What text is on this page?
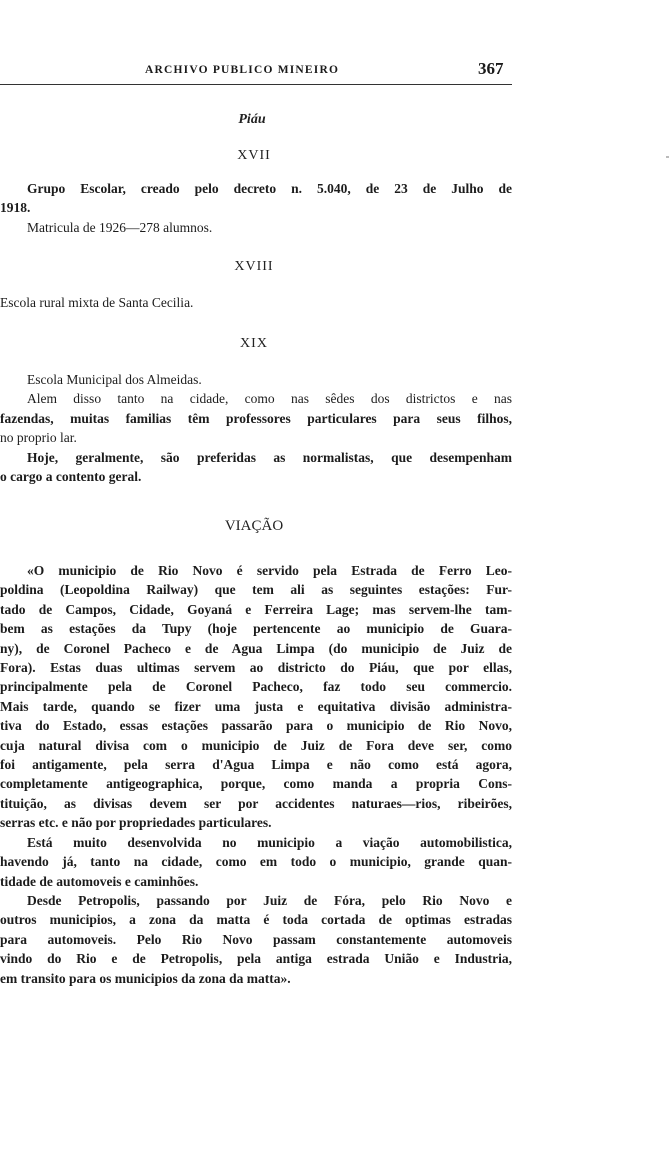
ARCHIVO PUBLICO MINEIRO	367
Piáu
XVII
Grupo Escolar, creado pelo decreto n. 5.040, de 23 de Julho de
1918.
Matricula de 1926—278 alumnos.
XVIII
Escola rural mixta de Santa Cecilia.
XIX
Escola Municipal dos Almeidas.
Alem disso tanto na cidade, como nas sêdes dos districtos e nas
fazendas, muitas familias têm professores particulares para seus filhos,
no proprio lar.
Hoje, geralmente, são preferidas as normalistas, que desempenham
o cargo a contento geral.
VIAÇÃO
«O municipio de Rio Novo é servido pela Estrada de Ferro Leo-
poldina (Leopoldina Railway) que tem ali as seguintes estações: Fur-
tado de Campos, Cidade, Goyaná e Ferreira Lage; mas servem-lhe tam-
bem as estações da Tupy (hoje pertencente ao municipio de Guara-
ny), de Coronel Pacheco e de Agua Limpa (do municipio de Juiz de
Fora). Estas duas ultimas servem ao districto do Piáu, que por ellas,
principalmente pela de Coronel Pacheco, faz todo seu commercio.
Mais tarde, quando se fizer uma justa e equitativa divisão administra-
tiva do Estado, essas estações passarão para o municipio de Rio Novo,
cuja natural divisa com o municipio de Juiz de Fora deve ser, como
foi antigamente, pela serra d'Agua Limpa e não como está agora,
completamente antigeographica, porque, como manda a propria Cons-
tituição, as divisas devem ser por accidentes naturaes—rios, ribeirões,
serras etc. e não por propriedades particulares.
Está muito desenvolvida no municipio a viação automobilistica,
havendo já, tanto na cidade, como em todo o municipio, grande quan-
tidade de automoveis e caminhões.
Desde Petropolis, passando por Juiz de Fóra, pelo Rio Novo e
outros municipios, a zona da matta é toda cortada de optimas estradas
para automoveis. Pelo Rio Novo passam constantemente automoveis
vindo do Rio e de Petropolis, pela antiga estrada União e Industria,
em transito para os municipios da zona da matta».
